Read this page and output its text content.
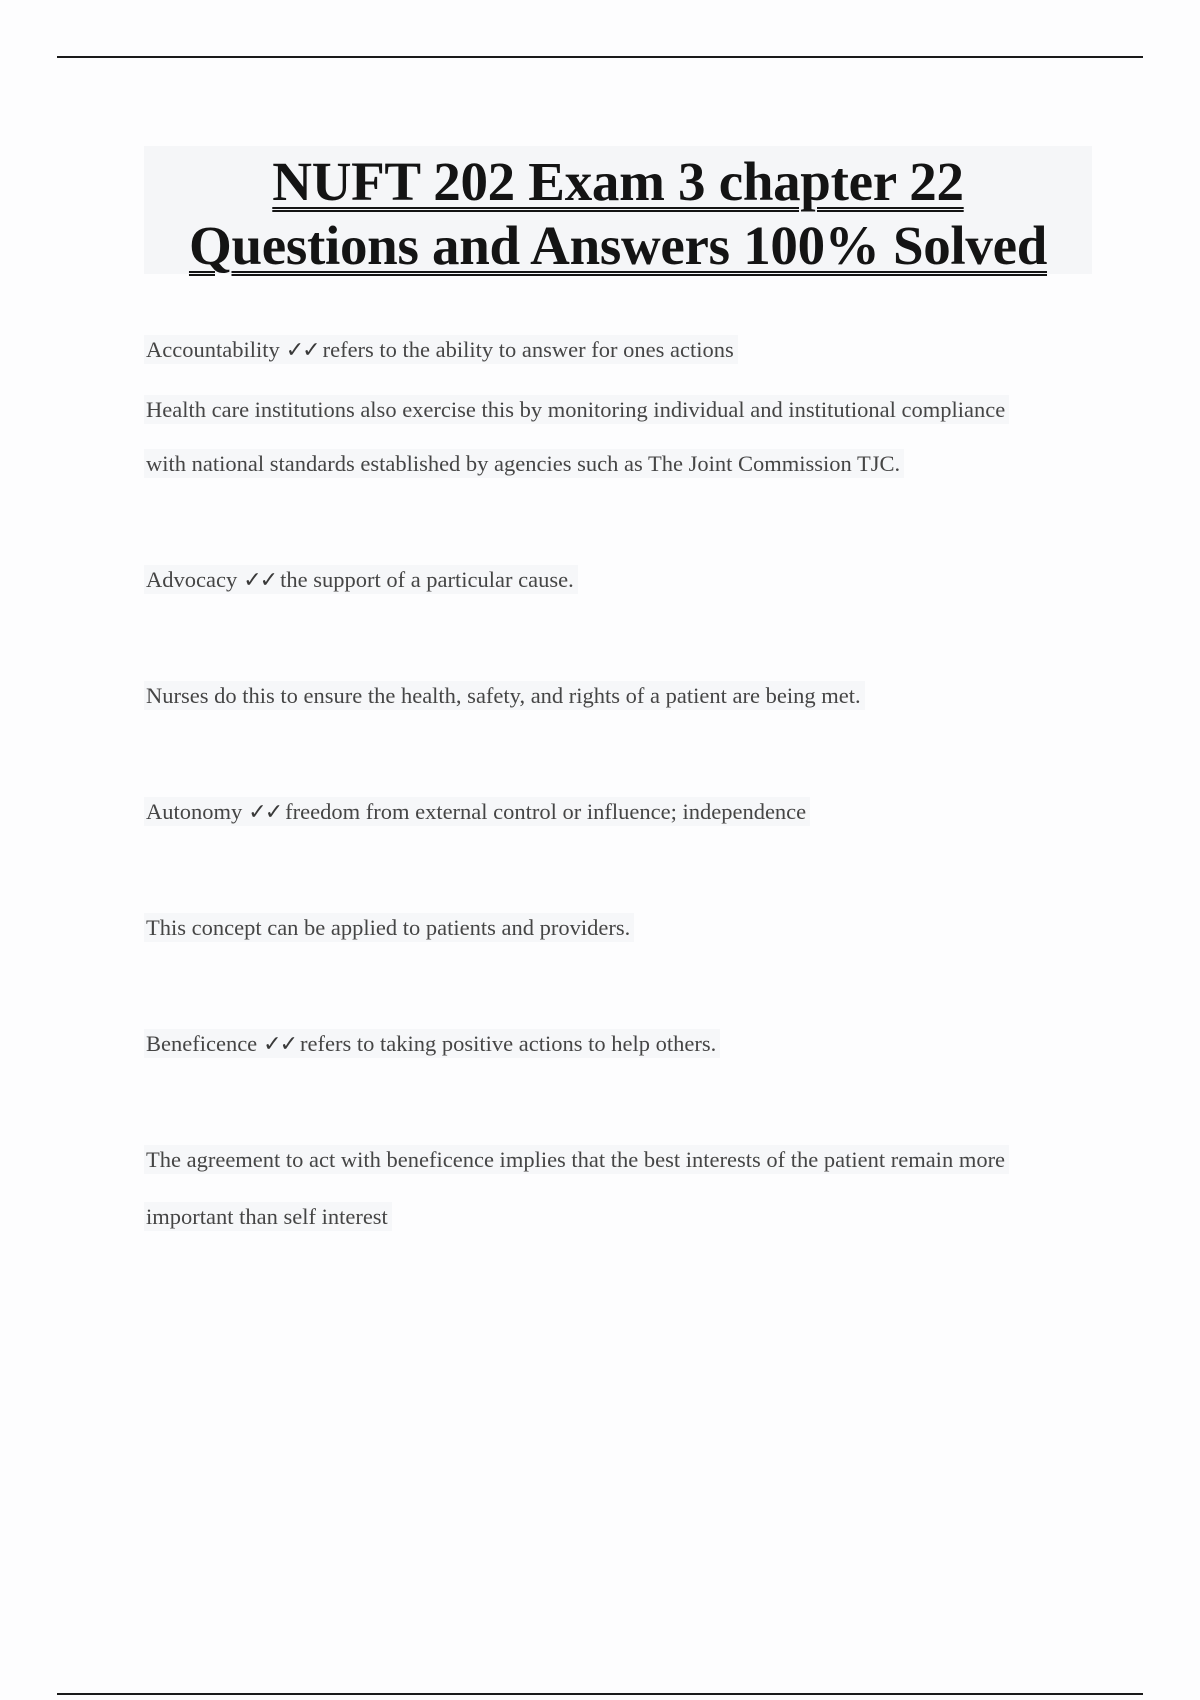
NUFT 202 Exam 3 chapter 22
Questions and Answers 100% Solved
Accountability ✓✓ refers to the ability to answer for ones actions
Health care institutions also exercise this by monitoring individual and institutional compliance
with national standards established by agencies such as The Joint Commission TJC.
Advocacy ✓✓ the support of a particular cause.
Nurses do this to ensure the health, safety, and rights of a patient are being met.
Autonomy ✓✓ freedom from external control or influence; independence
This concept can be applied to patients and providers.
Beneficence ✓✓ refers to taking positive actions to help others.
The agreement to act with beneficence implies that the best interests of the patient remain more
important than self interest
